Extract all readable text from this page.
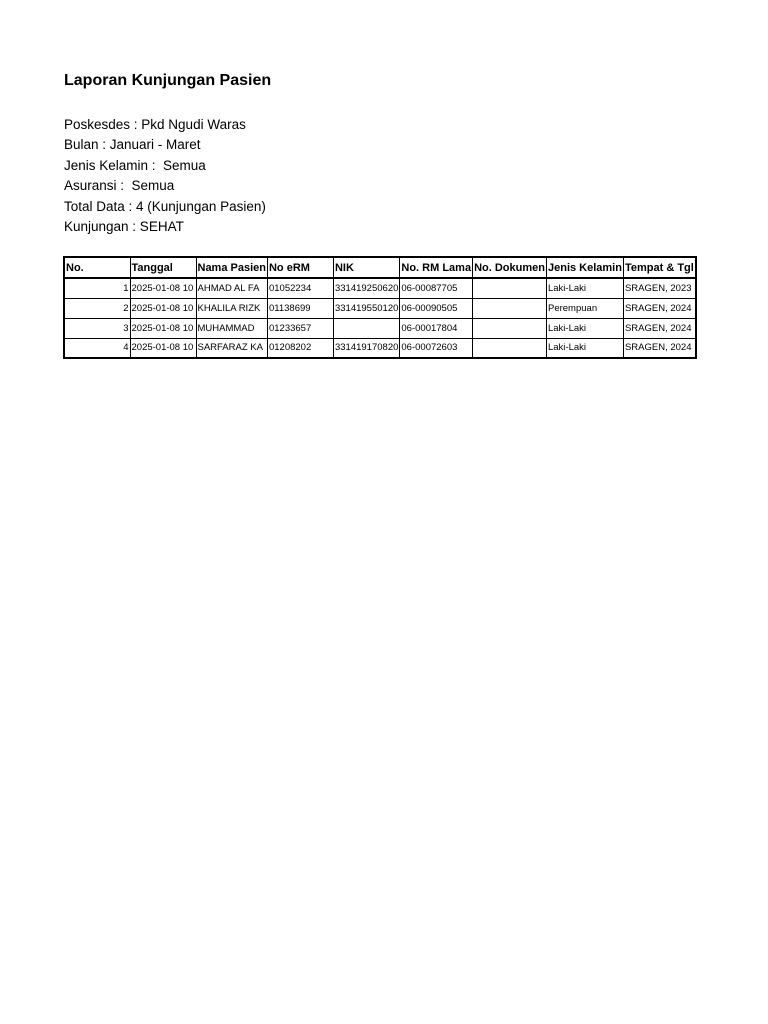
Laporan Kunjungan Pasien
Poskesdes : Pkd Ngudi Waras
Bulan : Januari - Maret
Jenis Kelamin :  Semua
Asuransi :  Semua
Total Data : 4 (Kunjungan Pasien)
Kunjungan : SEHAT
No.	Tanggal	Nama Pasien	No eRM	NIK	No. RM Lama	No. Dokumen	Jenis Kelamin	Tempat & Tgl
1	2025-01-08 10	AHMAD AL FA	01052234	331419250620	06-00087705		Laki-Laki	SRAGEN, 2023
2	2025-01-08 10	KHALILA RIZK	01138699	331419550120	06-00090505		Perempuan	SRAGEN, 2024
3	2025-01-08 10	MUHAMMAD	01233657		06-00017804		Laki-Laki	SRAGEN, 2024
4	2025-01-08 10	SARFARAZ KA	01208202	331419170820	06-00072603		Laki-Laki	SRAGEN, 2024
